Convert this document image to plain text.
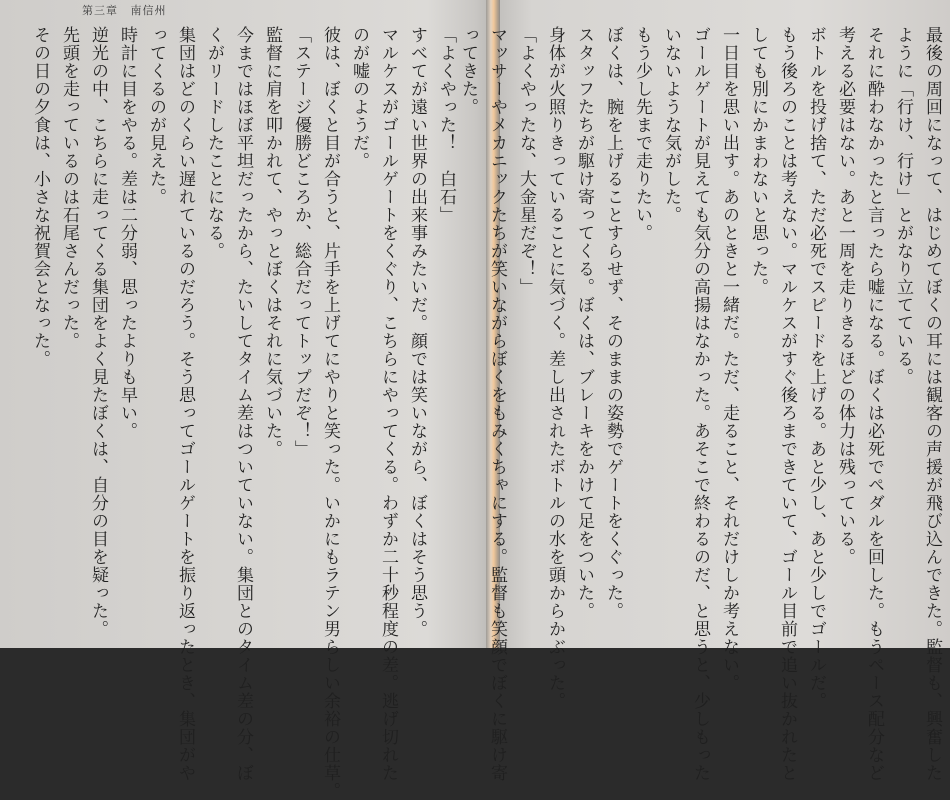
第三章 南信州
「よくやった！　白石」
すべてが遠い世界の出来事みたいだ。顔では笑いながら、ぼくはそう思う。
マルケスがゴールゲートをくぐり、こちらにやってくる。わずか二十秒程度の差。逃げ切れた
のが嘘のようだ。
彼は、ぼくと目が合うと、片手を上げてにやりと笑った。いかにもラテン男らしい余裕の仕草。
「ステージ優勝どころか、総合だってトップだぞ！」
監督に肩を叩かれて、やっとぼくはそれに気づいた。
今まではほぼ平坦だったから、たいしてタイム差はついていない。集団とのタイム差の分、ぼ
くがリードしたことになる。
集団はどのくらい遅れているのだろう。そう思ってゴールゲートを振り返ったとき、集団がや
ってくるのが見えた。
時計に目をやる。差は二分弱、思ったよりも早い。
逆光の中、こちらに走ってくる集団をよく見たぼくは、自分の目を疑った。
先頭を走っているのは石尾さんだった。
その日の夕食は、小さな祝賀会となった。	最後の周回になって、はじめてぼくの耳には観客の声援が飛び込んできた。監督も、興奮した
ように「行け、行け」とがなり立てている。
それに酔わなかったと言ったら嘘になる。ぼくは必死でペダルを回した。もうペース配分など
考える必要はない。あと一周を走りきるほどの体力は残っている。
ボトルを投げ捨て、ただ必死でスピードを上げる。あと少し、あと少しでゴールだ。
もう後ろのことは考えない。マルケスがすぐ後ろまできていて、ゴール目前で追い抜かれたと
しても別にかまわないと思った。
一日目を思い出す。あのときと一緒だ。ただ、走ること、それだけしか考えない。
ゴールゲートが見えても気分の高揚はなかった。あそこで終わるのだ、と思うと、少しもった
いないような気がした。
もう少し先まで走りたい。
ぼくは、腕を上げることすらせず、そのままの姿勢でゲートをくぐった。
スタッフたちが駆け寄ってくる。ぼくは、ブレーキをかけて足をついた。
身体が火照りきっていることに気づく。差し出されたボトルの水を頭からかぶった。
「よくやったな、大金星だぞ！」
マッサーやメカニックたちが笑いながらぼくをもみくちゃにする。監督も笑顔でぼくに駆け寄
ってきた。
